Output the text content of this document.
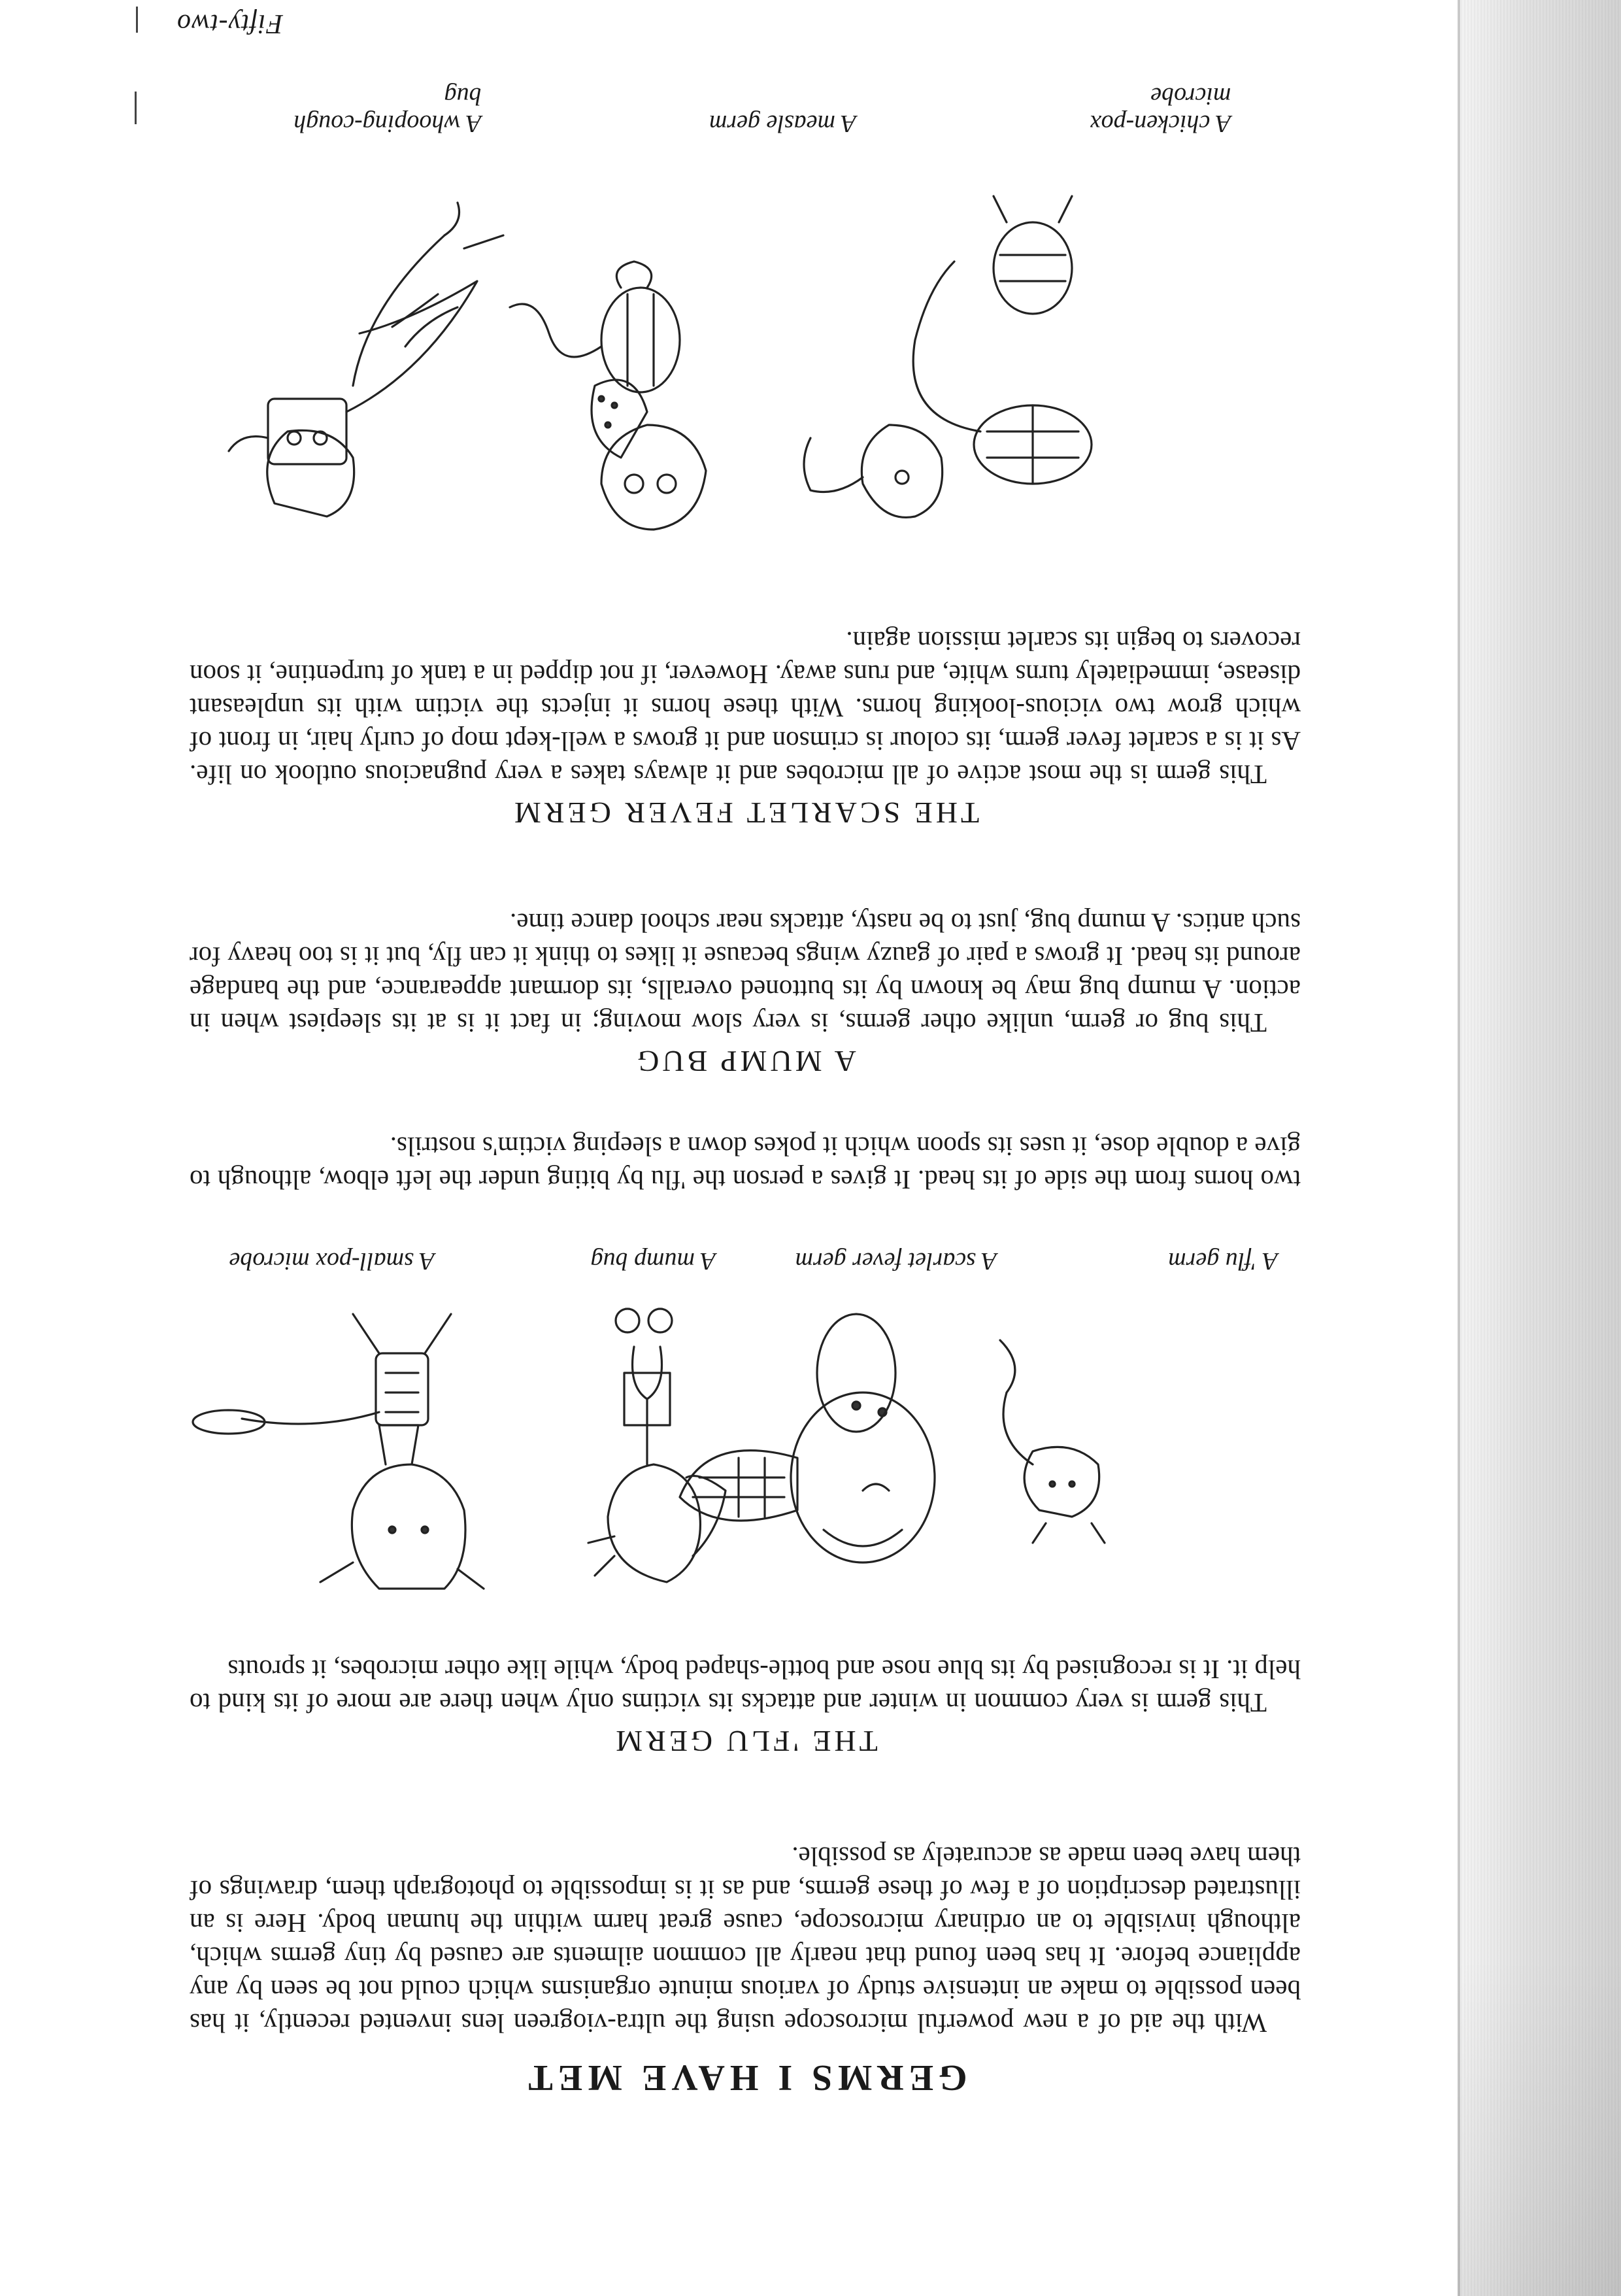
GERMS I HAVE MET

With the aid of a new powerful microscope using the ultra-viogreen lens invented recently, it has been possible to make an intensive study of various minute organisms which could not be seen by any appliance before. It has been found that nearly all common ailments are caused by tiny germs which, although invisible to an ordinary microscope, cause great harm within the human body. Here is an illustrated description of a few of these germs, and as it is impossible to photograph them, drawings of them have been made as accurately as possible.

THE 'FLU GERM

This germ is very common in winter and attacks its victims only when there are more of its kind to help it. It is recognised by its blue nose and bottle-shaped body, while like other microbes, it sprouts

A 'flu germ
A scarlet fever germ
A mump bug
A small-pox microbe

two horns from the side of its head. It gives a person the 'flu by biting under the left elbow, although to give a double dose, it uses its spoon which it pokes down a sleeping victim's nostrils.

A MUMP BUG

This bug or germ, unlike other germs, is very slow moving; in fact it is at its sleepiest when in action. A mump bug may be known by its buttoned overalls, its dormant appearance, and the bandage around its head. It grows a pair of gauzy wings because it likes to think it can fly, but it is too heavy for such antics. A mump bug, just to be nasty, attacks near school dance time.

THE SCARLET FEVER GERM

This germ is the most active of all microbes and it always takes a very pugnacious outlook on life. As it is a scarlet fever germ, its colour is crimson and it grows a well-kept mop of curly hair, in front of which grow two vicious-looking horns. With these horns it injects the victim with its unpleasant disease, immediately turns white, and runs away. However, if not dipped in a tank of turpentine, it soon recovers to begin its scarlet mission again.

A chicken-pox microbe
A measle germ
A whooping-cough bug
Fifty-two
